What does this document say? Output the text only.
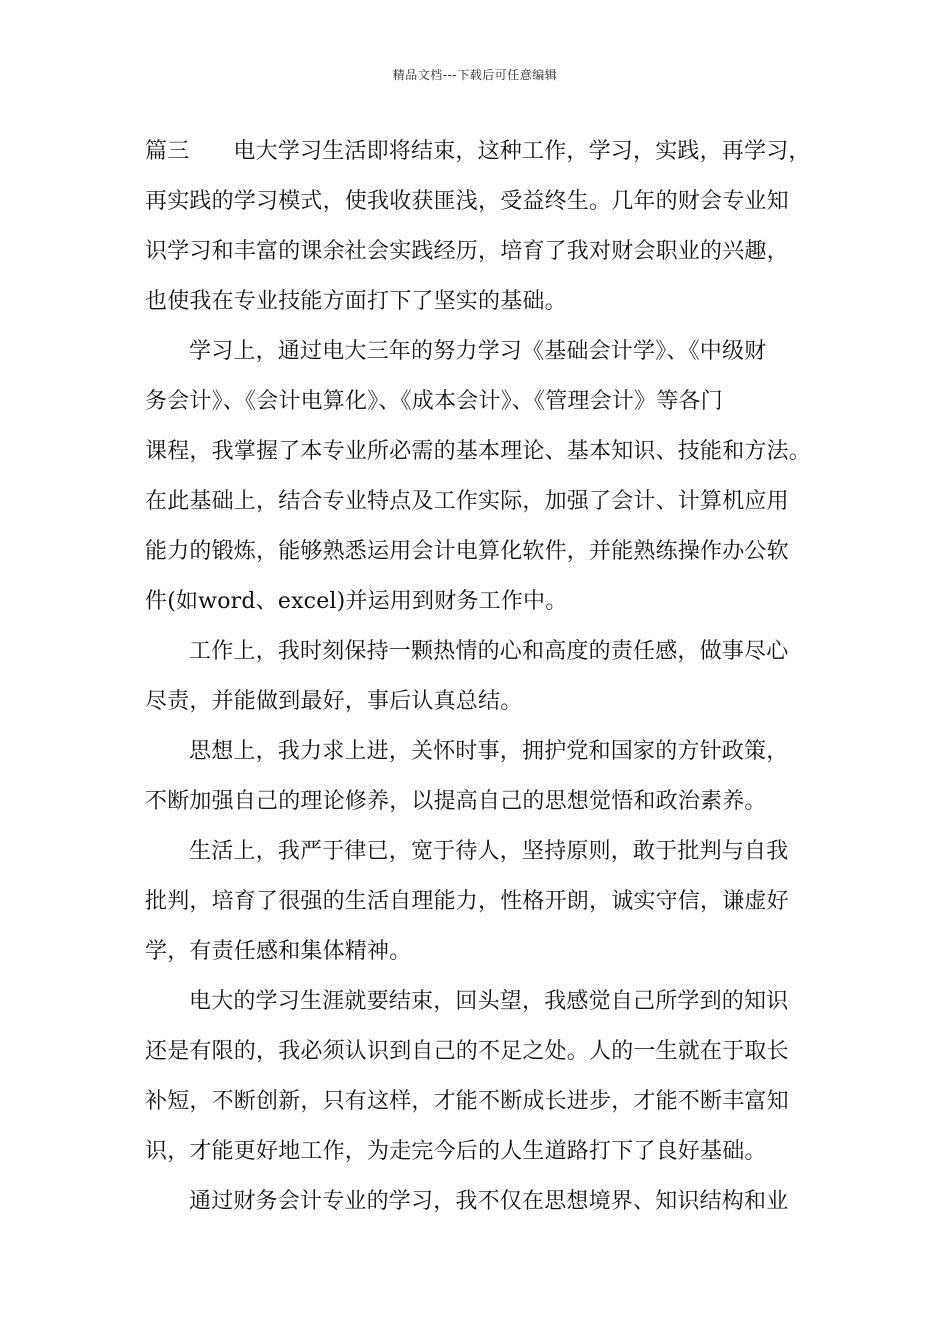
精品文档---下载后可任意编辑
篇三 电大学习生活即将结束，这种工作，学习，实践，再学习，
再实践的学习模式，使我收获匪浅，受益终生。几年的财会专业知
识学习和丰富的课余社会实践经历，培育了我对财会职业的兴趣，
也使我在专业技能方面打下了坚实的基础。
学习上，通过电大三年的努力学习《基础会计学》、《中级财
务会计》、《会计电算化》、《成本会计》、《管理会计》等各门
课程，我掌握了本专业所必需的基本理论、基本知识、技能和方法。
在此基础上，结合专业特点及工作实际，加强了会计、计算机应用
能力的锻炼，能够熟悉运用会计电算化软件，并能熟练操作办公软
件(如word、excel)并运用到财务工作中。
工作上，我时刻保持一颗热情的心和高度的责任感，做事尽心
尽责，并能做到最好，事后认真总结。
思想上，我力求上进，关怀时事，拥护党和国家的方针政策，
不断加强自己的理论修养，以提高自己的思想觉悟和政治素养。
生活上，我严于律已，宽于待人，坚持原则，敢于批判与自我
批判，培育了很强的生活自理能力，性格开朗，诚实守信，谦虚好
学，有责任感和集体精神。
电大的学习生涯就要结束，回头望，我感觉自己所学到的知识
还是有限的，我必须认识到自己的不足之处。人的一生就在于取长
补短，不断创新，只有这样，才能不断成长进步，才能不断丰富知
识，才能更好地工作，为走完今后的人生道路打下了良好基础。
通过财务会计专业的学习，我不仅在思想境界、知识结构和业
